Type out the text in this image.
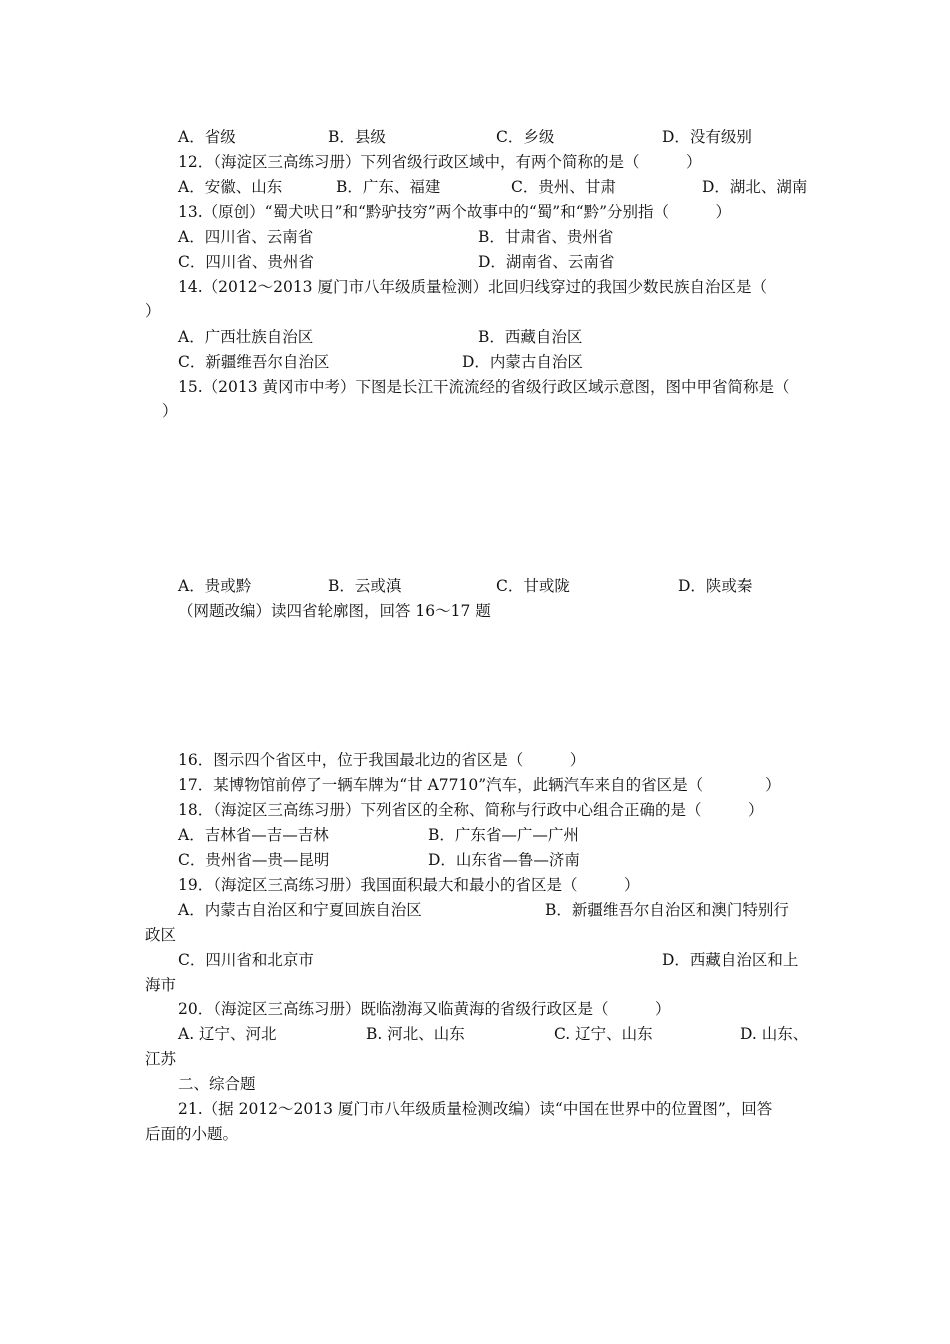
A．省级	B．县级	C．乡级	D．没有级别
12．（海淀区三高练习册）下列省级行政区域中，有两个简称的是（　　　）
A．安徽、山东	B．广东、福建	C．贵州、甘肃	D．湖北、湖南
13.（原创）“蜀犬吠日”和“黔驴技穷”两个故事中的“蜀”和“黔”分别指（　　　）
A．四川省、云南省	B．甘肃省、贵州省
C．四川省、贵州省	D．湖南省、云南省
14.（2012～2013 厦门市八年级质量检测）北回归线穿过的我国少数民族自治区是（
）
A．广西壮族自治区	B．西藏自治区
C．新疆维吾尔自治区	D．内蒙古自治区
15.（2013 黄冈市中考）下图是长江干流流经的省级行政区域示意图，图中甲省简称是（
）
A．贵或黔	B．云或滇	C．甘或陇	D．陕或秦
（网题改编）读四省轮廓图，回答 16～17 题
16．图示四个省区中，位于我国最北边的省区是（　　　）
17．某博物馆前停了一辆车牌为“甘 A7710”汽车，此辆汽车来自的省区是（　　　　）
18．（海淀区三高练习册）下列省区的全称、简称与行政中心组合正确的是（　　　）
A．吉林省—吉—吉林	B．广东省—广—广州
C．贵州省—贵—昆明	D．山东省—鲁—济南
19．（海淀区三高练习册）我国面积最大和最小的省区是（　　　）
A．内蒙古自治区和宁夏回族自治区	B．新疆维吾尔自治区和澳门特别行
政区
C．四川省和北京市	D．西藏自治区和上
海市
20．（海淀区三高练习册）既临渤海又临黄海的省级行政区是（　　　）
A. 辽宁、河北	B. 河北、山东	C. 辽宁、山东	D. 山东、
江苏
二、综合题
21.（据 2012～2013 厦门市八年级质量检测改编）读“中国在世界中的位置图”，回答
后面的小题。
